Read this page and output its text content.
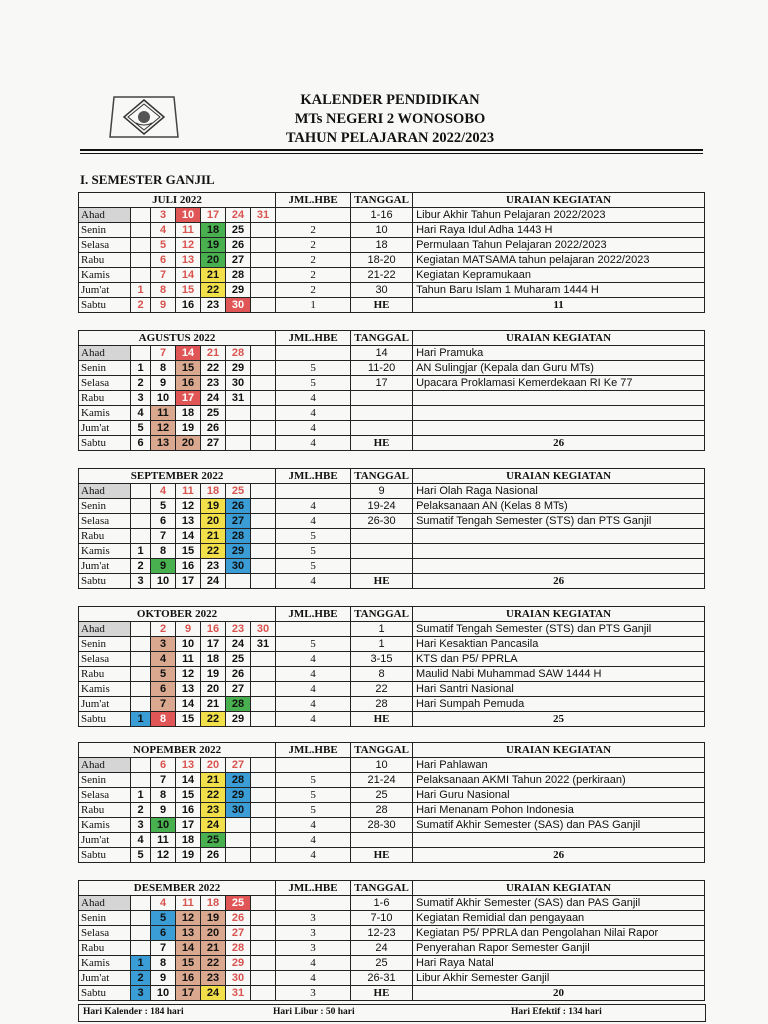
KALENDER PENDIDIKAN
MTs NEGERI 2 WONOSOBO
TAHUN PELAJARAN 2022/2023
I. SEMESTER GANJIL
JULI 2022							JML.HBE	TANGGAL	URAIAN KEGIATAN
Ahad		3	10	17	24	31		1-16	Libur Akhir Tahun Pelajaran 2022/2023
Senin		4	11	18	25		2	10	Hari Raya Idul Adha 1443 H
Selasa		5	12	19	26		2	18	Permulaan Tahun Pelajaran 2022/2023
Rabu		6	13	20	27		2	18-20	Kegiatan MATSAMA tahun pelajaran 2022/2023
Kamis		7	14	21	28		2	21-22	Kegiatan Kepramukaan
Jum'at	1	8	15	22	29		2	30	Tahun Baru Islam 1 Muharam 1444 H
Sabtu	2	9	16	23	30		1	HE	11
AGUSTUS 2022							JML.HBE	TANGGAL	URAIAN KEGIATAN
Ahad		7	14	21	28			14	Hari Pramuka
Senin	1	8	15	22	29		5	11-20	AN Sulingjar (Kepala dan Guru MTs)
Selasa	2	9	16	23	30		5	17	Upacara Proklamasi Kemerdekaan RI Ke 77
Rabu	3	10	17	24	31		4		
Kamis	4	11	18	25			4		
Jum'at	5	12	19	26			4		
Sabtu	6	13	20	27			4	HE	26
SEPTEMBER 2022							JML.HBE	TANGGAL	URAIAN KEGIATAN
Ahad		4	11	18	25			9	Hari Olah Raga Nasional
Senin		5	12	19	26		4	19-24	Pelaksanaan AN (Kelas 8 MTs)
Selasa		6	13	20	27		4	26-30	Sumatif Tengah Semester (STS) dan PTS Ganjil
Rabu		7	14	21	28		5		
Kamis	1	8	15	22	29		5		
Jum'at	2	9	16	23	30		5		
Sabtu	3	10	17	24			4	HE	26
OKTOBER 2022							JML.HBE	TANGGAL	URAIAN KEGIATAN
Ahad		2	9	16	23	30		1	Sumatif Tengah Semester (STS) dan PTS Ganjil
Senin		3	10	17	24	31	5	1	Hari Kesaktian Pancasila
Selasa		4	11	18	25		4	3-15	KTS dan P5/ PPRLA
Rabu		5	12	19	26		4	8	Maulid Nabi Muhammad SAW 1444 H
Kamis		6	13	20	27		4	22	Hari Santri Nasional
Jum'at		7	14	21	28		4	28	Hari Sumpah Pemuda
Sabtu	1	8	15	22	29		4	HE	25
NOPEMBER 2022							JML.HBE	TANGGAL	URAIAN KEGIATAN
Ahad		6	13	20	27			10	Hari Pahlawan
Senin		7	14	21	28		5	21-24	Pelaksanaan AKMI Tahun 2022 (perkiraan)
Selasa	1	8	15	22	29		5	25	Hari Guru Nasional
Rabu	2	9	16	23	30		5	28	Hari Menanam Pohon Indonesia
Kamis	3	10	17	24			4	28-30	Sumatif Akhir Semester (SAS) dan PAS Ganjil
Jum'at	4	11	18	25			4		
Sabtu	5	12	19	26			4	HE	26
DESEMBER 2022							JML.HBE	TANGGAL	URAIAN KEGIATAN
Ahad		4	11	18	25			1-6	Sumatif Akhir Semester (SAS) dan PAS Ganjil
Senin		5	12	19	26		3	7-10	Kegiatan Remidial dan pengayaan
Selasa		6	13	20	27		3	12-23	Kegiatan P5/ PPRLA dan Pengolahan Nilai Rapor
Rabu		7	14	21	28		3	24	Penyerahan Rapor Semester Ganjil
Kamis	1	8	15	22	29		4	25	Hari Raya Natal
Jum'at	2	9	16	23	30		4	26-31	Libur Akhir Semester Ganjil
Sabtu	3	10	17	24	31		3	HE	20
Hari Kalender : 184 hari	Hari Libur : 50 hari	Hari Efektif : 134 hari
